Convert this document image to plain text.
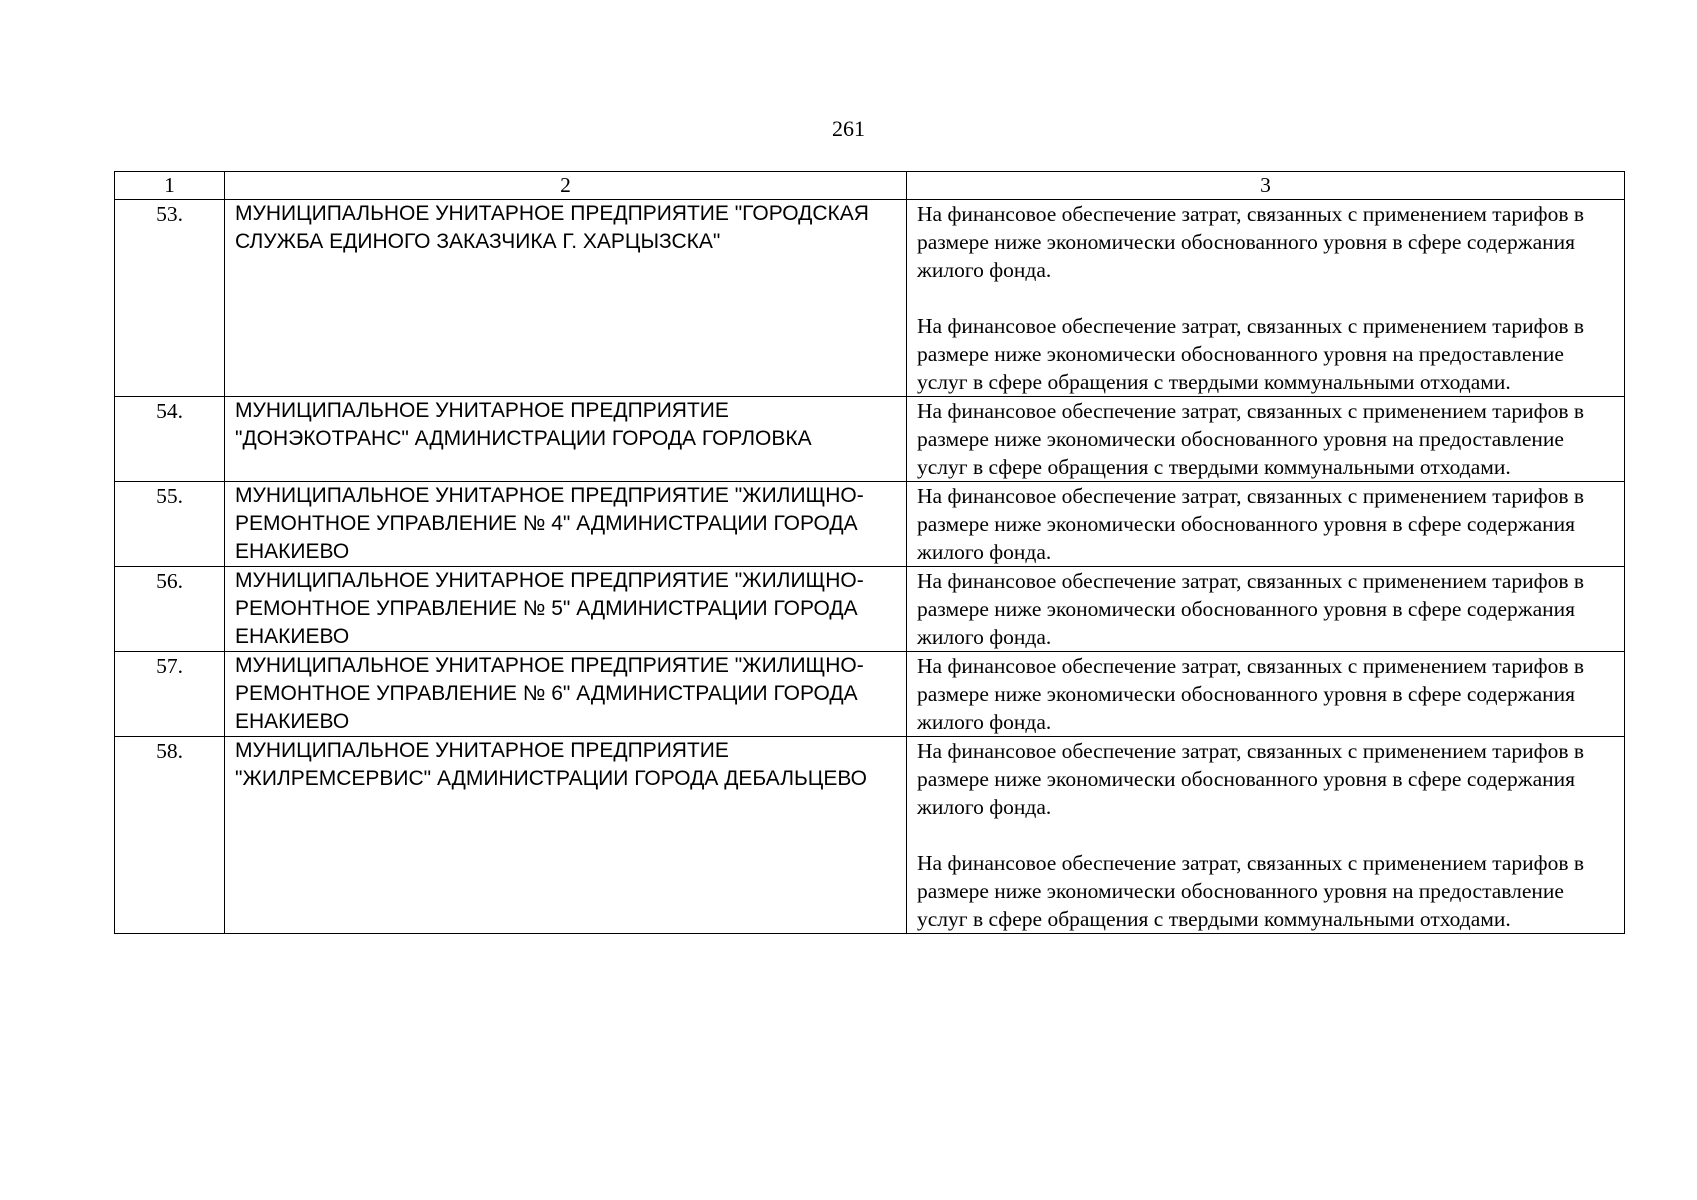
261
1	2	3
53.	МУНИЦИПАЛЬНОЕ УНИТАРНОЕ ПРЕДПРИЯТИЕ "ГОРОДСКАЯ СЛУЖБА ЕДИНОГО ЗАКАЗЧИКА Г. ХАРЦЫЗСКА"	На финансовое обеспечение затрат, связанных с применением тарифов в размере ниже экономически обоснованного уровня в сфере содержания жилого фонда.
На финансовое обеспечение затрат, связанных с применением тарифов в размере ниже экономически обоснованного уровня на предоставление услуг в сфере обращения с твердыми коммунальными отходами.

54.	МУНИЦИПАЛЬНОЕ УНИТАРНОЕ ПРЕДПРИЯТИЕ "ДОНЭКОТРАНС" АДМИНИСТРАЦИИ ГОРОДА ГОРЛОВКА	На финансовое обеспечение затрат, связанных с применением тарифов в размере ниже экономически обоснованного уровня на предоставление услуг в сфере обращения с твердыми коммунальными отходами.

55.	МУНИЦИПАЛЬНОЕ УНИТАРНОЕ ПРЕДПРИЯТИЕ "ЖИЛИЩНО-РЕМОНТНОЕ УПРАВЛЕНИЕ № 4" АДМИНИСТРАЦИИ ГОРОДА ЕНАКИЕВО	На финансовое обеспечение затрат, связанных с применением тарифов в размере ниже экономически обоснованного уровня в сфере содержания жилого фонда.

56.	МУНИЦИПАЛЬНОЕ УНИТАРНОЕ ПРЕДПРИЯТИЕ "ЖИЛИЩНО-РЕМОНТНОЕ УПРАВЛЕНИЕ № 5" АДМИНИСТРАЦИИ ГОРОДА ЕНАКИЕВО	На финансовое обеспечение затрат, связанных с применением тарифов в размере ниже экономически обоснованного уровня в сфере содержания жилого фонда.

57.	МУНИЦИПАЛЬНОЕ УНИТАРНОЕ ПРЕДПРИЯТИЕ "ЖИЛИЩНО-РЕМОНТНОЕ УПРАВЛЕНИЕ № 6" АДМИНИСТРАЦИИ ГОРОДА ЕНАКИЕВО	На финансовое обеспечение затрат, связанных с применением тарифов в размере ниже экономически обоснованного уровня в сфере содержания жилого фонда.

58.	МУНИЦИПАЛЬНОЕ УНИТАРНОЕ ПРЕДПРИЯТИЕ "ЖИЛРЕМСЕРВИС" АДМИНИСТРАЦИИ ГОРОДА ДЕБАЛЬЦЕВО	На финансовое обеспечение затрат, связанных с применением тарифов в размере ниже экономически обоснованного уровня в сфере содержания жилого фонда.
На финансовое обеспечение затрат, связанных с применением тарифов в размере ниже экономически обоснованного уровня на предоставление услуг в сфере обращения с твердыми коммунальными отходами.
